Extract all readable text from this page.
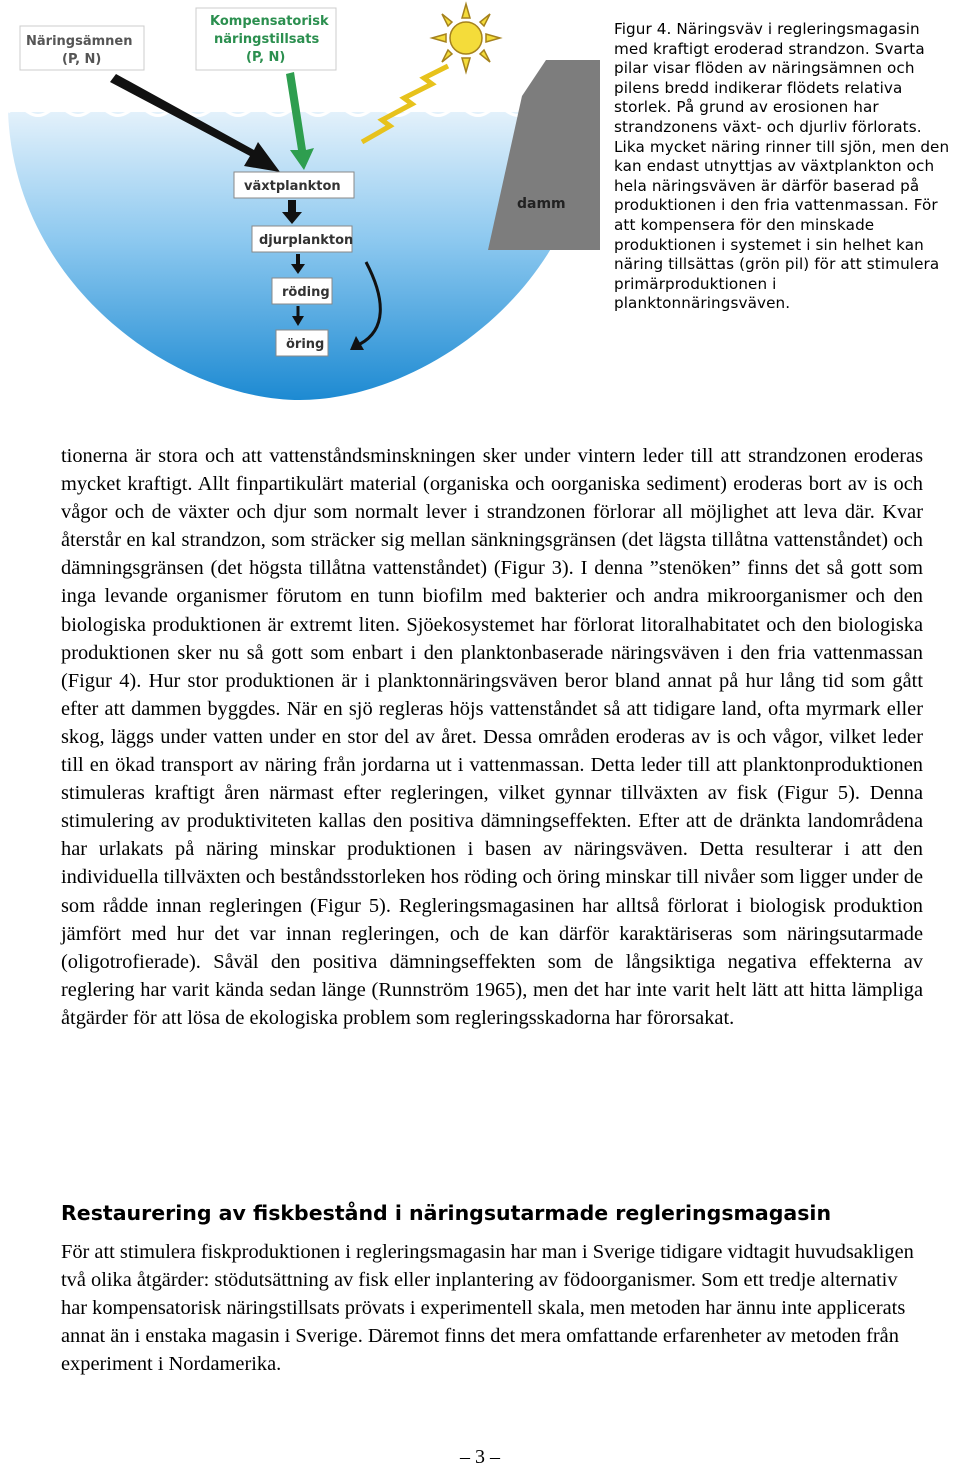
damm
Näringsämnen
(P, N)
Kompensatorisk
näringstillsats
(P, N)
växtplankton
djurplankton
röding
öring

Figur 4. Näringsväv i regleringsmagasin med kraftigt eroderad strandzon. Svarta pilar visar flöden av näringsämnen och pilens bredd indikerar flödets relativa storlek. På grund av erosionen har strandzonens växt- och djurliv förlorats. Lika mycket näring rinner till sjön, men den kan endast utnyttjas av växtplankton och hela näringsväven är därför baserad på produktionen i den fria vattenmassan. För att kompensera för den minskade produktionen i systemet i sin helhet kan näring tillsättas (grön pil) för att stimulera primärproduktionen i planktonnäringsväven.

tionerna är stora och att vattenståndsminskningen sker under vintern leder till att strandzonen eroderas mycket kraftigt. Allt finpartikulärt material (organiska och oorganiska sediment) eroderas bort av is och vågor och de växter och djur som normalt lever i strandzonen förlorar all möjlighet att leva där. Kvar återstår en kal strandzon, som sträcker sig mellan sänkningsgränsen (det lägsta tillåtna vattenståndet) och dämningsgränsen (det högsta tillåtna vattenståndet) (Figur 3). I denna ”stenöken” finns det så gott som inga levande organismer förutom en tunn biofilm med bakterier och andra mikroorganismer och den biologiska produktionen är extremt liten. Sjöekosystemet har förlorat litoralhabitatet och den biologiska produktionen sker nu så gott som enbart i den planktonbaserade näringsväven i den fria vattenmassan (Figur 4). Hur stor produktionen är i planktonnäringsväven beror bland annat på hur lång tid som gått efter att dammen byggdes. När en sjö regleras höjs vattenståndet så att tidigare land, ofta myrmark eller skog, läggs under vatten under en stor del av året. Dessa områden eroderas av is och vågor, vilket leder till en ökad transport av näring från jordarna ut i vattenmassan. Detta leder till att planktonproduktionen stimuleras kraftigt åren närmast efter regleringen, vilket gynnar tillväxten av fisk (Figur 5). Denna stimulering av produktiviteten kallas den positiva dämningseffekten. Efter att de dränkta landområdena har urlakats på näring minskar produktionen i basen av näringsväven. Detta resulterar i att den individuella tillväxten och beståndsstorleken hos röding och öring minskar till nivåer som ligger under de som rådde innan regleringen (Figur 5). Regleringsmagasinen har alltså förlorat i biologisk produktion jämfört med hur det var innan regleringen, och de kan därför karaktäriseras som näringsutarmade (oligotrofierade). Såväl den positiva dämningseffekten som de långsiktiga negativa effekterna av reglering har varit kända sedan länge (Runnström 1965), men det har inte varit helt lätt att hitta lämpliga åtgärder för att lösa de ekologiska problem som regleringsskadorna har förorsakat.

Restaurering av fiskbestånd i näringsutarmade regleringsmagasin

För att stimulera fiskproduktionen i regleringsmagasin har man i Sverige tidigare vidtagit huvudsakligen två olika åtgärder: stödutsättning av fisk eller inplantering av födoorganismer. Som ett tredje alternativ har kompensatorisk näringstillsats prövats i experimentell skala, men metoden har ännu inte applicerats annat än i enstaka magasin i Sverige. Däremot finns det mera omfattande erfarenheter av metoden från experiment i Nordamerika.

– 3 –
